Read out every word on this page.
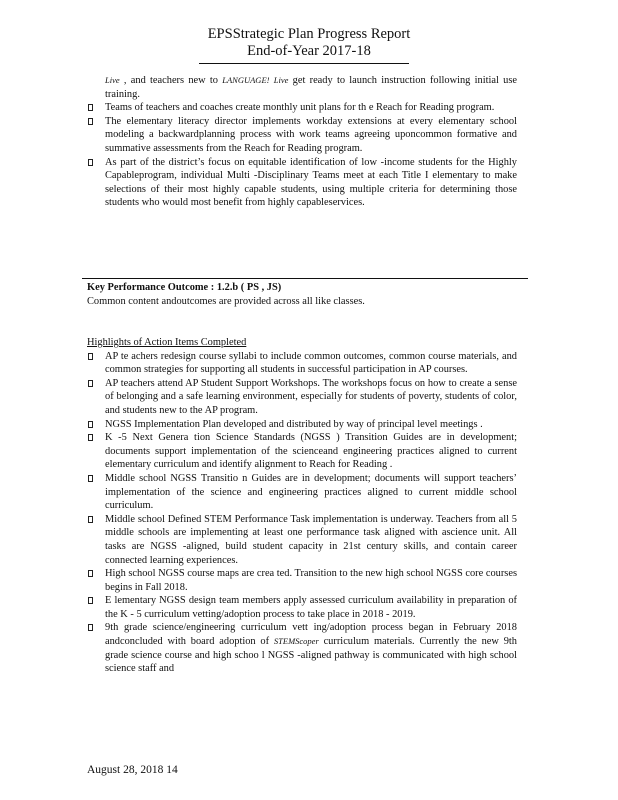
EPSStrategic Plan Progress Report
End-of-Year 2017-18

Live , and teachers new to LANGUAGE! Live get ready to launch instruction following initial use training.

Teams of teachers and coaches create monthly unit plans for th e Reach for Reading program.

The elementary literacy director implements workday extensions at every elementary school modeling a backwardplanning process with work teams agreeing uponcommon formative and summative assessments from the Reach for Reading program.

As part of the district’s focus on equitable identification of low -income students for the Highly Capableprogram, individual Multi -Disciplinary Teams meet at each Title I elementary to make selections of their most highly capable students, using multiple criteria for determining those students who would most benefit from highly capableservices.

Key Performance Outcome : 1.2.b ( PS , JS)
Common content andoutcomes are provided across all like classes.
Highlights of Action Items Completed

AP te achers redesign course syllabi to include common outcomes, common course materials, and common strategies for supporting all students in successful participation in AP courses.

AP teachers attend AP Student Support Workshops. The workshops focus on how to create a sense of belonging and a safe learning environment, especially for students of poverty, students of color, and students new to the AP program.

NGSS Implementation Plan developed and distributed by way of principal level meetings .

K -5 Next Genera tion Science Standards (NGSS ) Transition Guides are in development; documents support implementation of the scienceand engineering practices aligned to current elementary curriculum and identify alignment to Reach for Reading .

Middle school NGSS Transitio n Guides are in development; documents will support teachers’ implementation of the science and engineering practices aligned to current middle school curriculum.

Middle school Defined STEM Performance Task implementation is underway. Teachers from all 5 middle schools are implementing at least one performance task aligned with ascience unit. All tasks are NGSS -aligned, build student capacity in 21st century skills, and contain career connected learning experiences.

High school NGSS course maps are crea ted. Transition to the new high school NGSS core courses begins in Fall 2018.

E lementary NGSS design team members apply assessed curriculum availability in preparation of the K - 5 curriculum vetting/adoption process to take place in 2018 - 2019.

9th grade science/engineering curriculum vett ing/adoption process began in February 2018 andconcluded with board adoption of STEMScoper curriculum materials. Currently the new 9th grade science course and high schoo l NGSS -aligned pathway is communicated with high school science staff and

August 28, 2018 14
